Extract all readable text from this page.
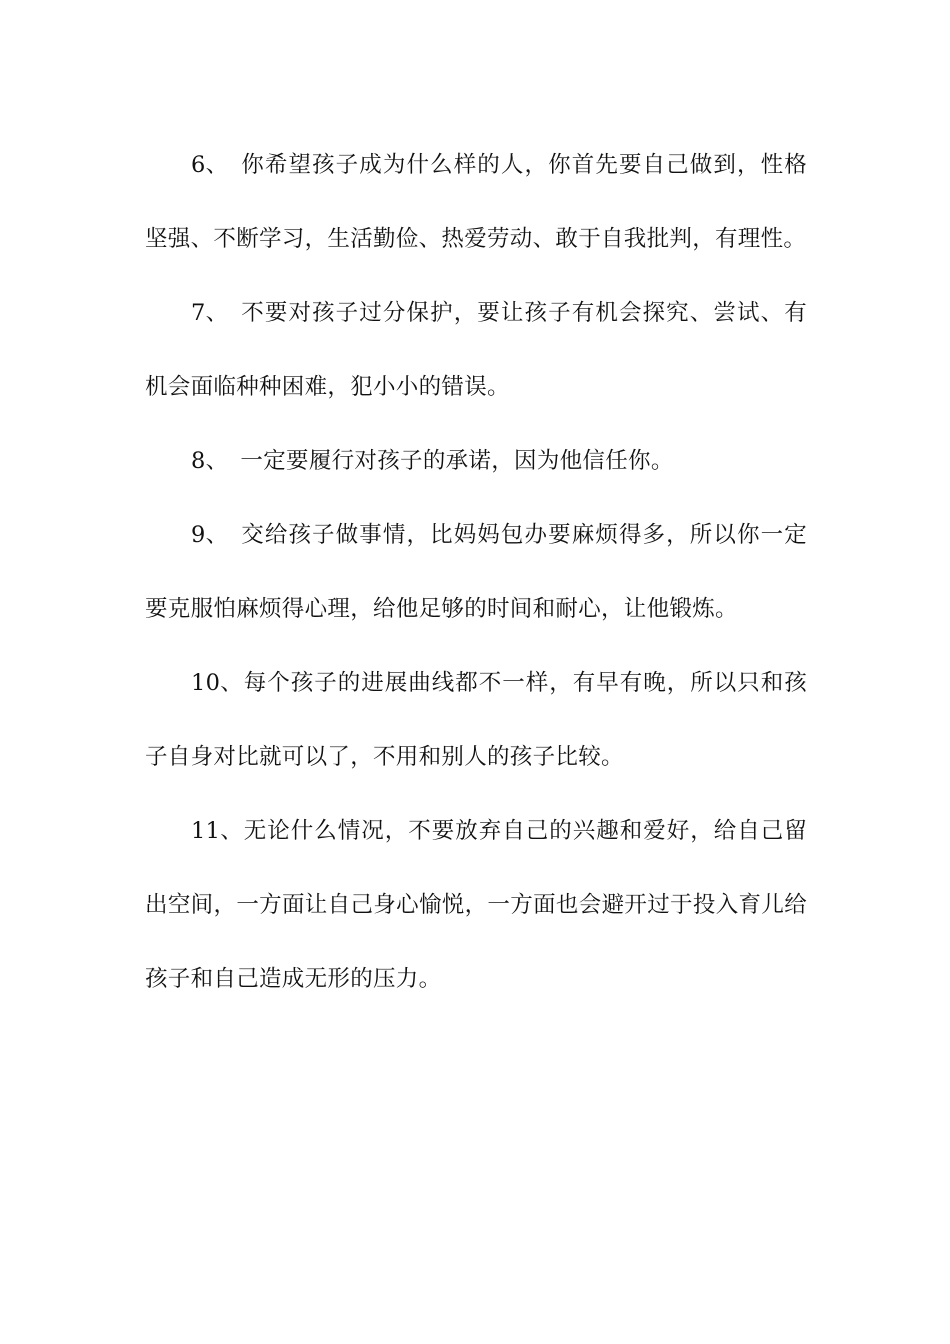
6、 你希望孩子成为什么样的人，你首先要自己做到，性格坚强、不断学习，生活勤俭、热爱劳动、敢于自我批判，有理性。

7、 不要对孩子过分保护，要让孩子有机会探究、尝试、有机会面临种种困难，犯小小的错误。

8、 一定要履行对孩子的承诺，因为他信任你。

9、 交给孩子做事情，比妈妈包办要麻烦得多，所以你一定要克服怕麻烦得心理，给他足够的时间和耐心，让他锻炼。

10、每个孩子的进展曲线都不一样，有早有晚，所以只和孩子自身对比就可以了，不用和别人的孩子比较。

11、无论什么情况，不要放弃自己的兴趣和爱好，给自己留出空间，一方面让自己身心愉悦，一方面也会避开过于投入育儿给孩子和自己造成无形的压力。
